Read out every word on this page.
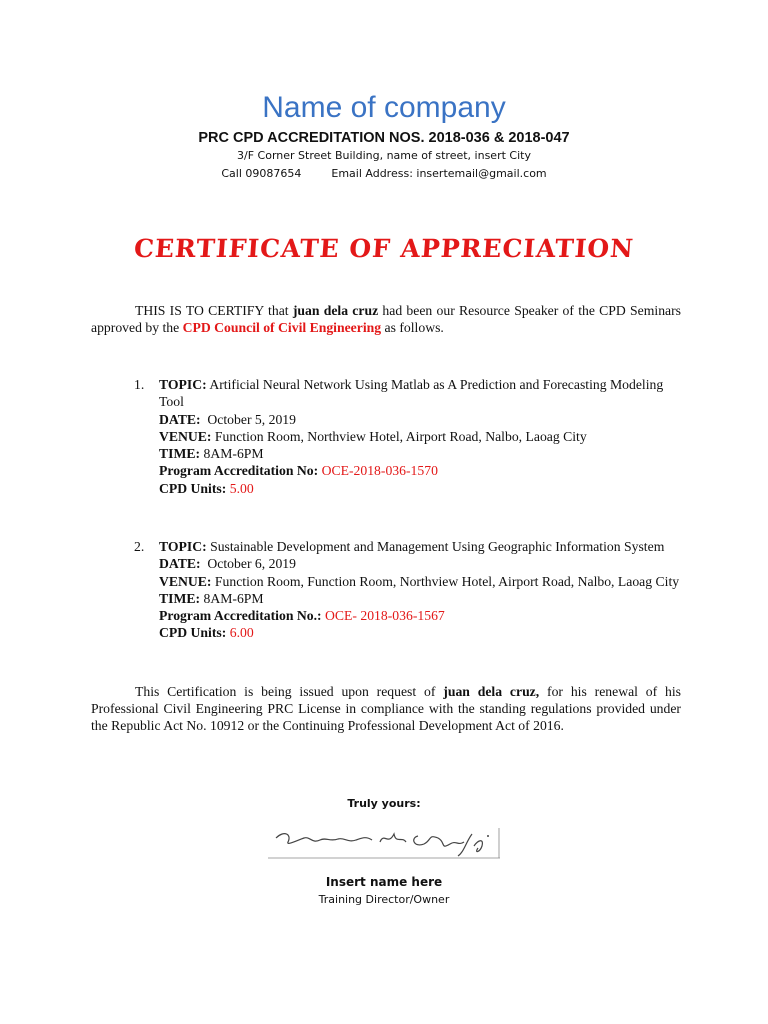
Name of company
PRC CPD ACCREDITATION NOS. 2018-036 & 2018-047
3/F Corner Street Building, name of street, insert City
Call 09087654	Email Address: insertemail@gmail.com
CERTIFICATE OF APPRECIATION
THIS IS TO CERTIFY that juan dela cruz had been our Resource Speaker of the CPD Seminars approved by the CPD Council of Civil Engineering as follows.
1.	TOPIC: Artificial Neural Network Using Matlab as A Prediction and Forecasting Modeling Tool
DATE: October 5, 2019
VENUE: Function Room, Northview Hotel, Airport Road, Nalbo, Laoag City
TIME: 8AM-6PM
Program Accreditation No: OCE-2018-036-1570
CPD Units: 5.00
2.	TOPIC: Sustainable Development and Management Using Geographic Information System
DATE: October 6, 2019
VENUE: Function Room, Function Room, Northview Hotel, Airport Road, Nalbo, Laoag City
TIME: 8AM-6PM
Program Accreditation No.: OCE- 2018-036-1567
CPD Units: 6.00
This Certification is being issued upon request of juan dela cruz, for his renewal of his Professional Civil Engineering PRC License in compliance with the standing regulations provided under the Republic Act No. 10912 or the Continuing Professional Development Act of 2016.
Truly yours:
Insert name here
Training Director/Owner
